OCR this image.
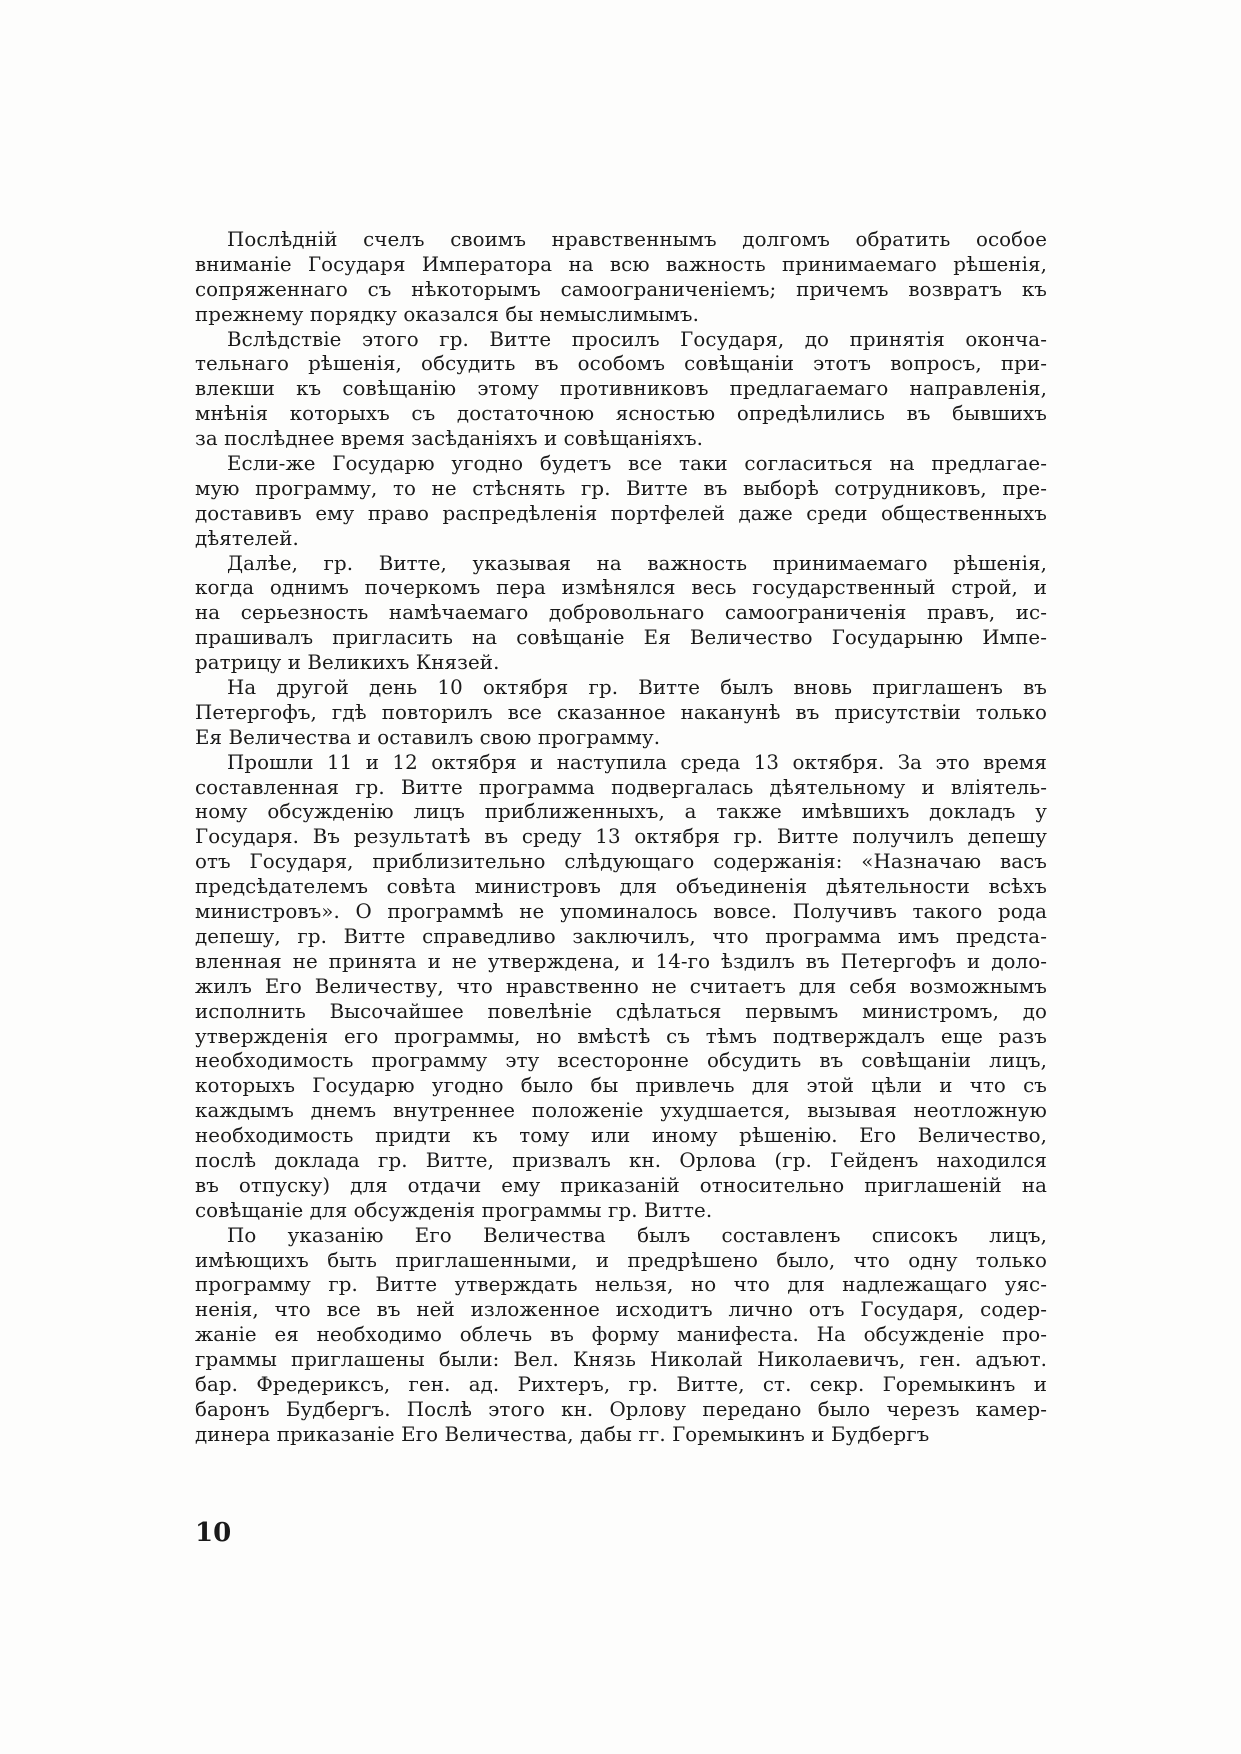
Послѣднiй счелъ своимъ нравственнымъ долгомъ обратить особое
вниманiе Государя Императора на всю важность принимаемаго рѣшенiя,
сопряженнаго съ нѣкоторымъ самоограниченiемъ; причемъ возвратъ къ
прежнему порядку оказался бы немыслимымъ.
Вслѣдствiе этого гр. Витте просилъ Государя, до принятiя оконча-
тельнаго рѣшенiя, обсудить въ особомъ совѣщанiи этотъ вопросъ, при-
влекши къ совѣщанiю этому противниковъ предлагаемаго направленiя,
мнѣнiя которыхъ съ достаточною ясностью опредѣлились въ бывшихъ
за послѣднее время засѣданiяхъ и совѣщанiяхъ.
Если-же Государю угодно будетъ все таки согласиться на предлагае-
мую программу, то не стѣснять гр. Витте въ выборѣ сотрудниковъ, пре-
доставивъ ему право распредѣленiя портфелей даже среди общественныхъ
дѣятелей.
Далѣе, гр. Витте, указывая на важность принимаемаго рѣшенiя,
когда однимъ почеркомъ пера измѣнялся весь государственный строй, и
на серьезность намѣчаемаго добровольнаго самоограниченiя правъ, ис-
прашивалъ пригласить на совѣщанiе Ея Величество Государыню Импе-
ратрицу и Великихъ Князей.
На другой день 10 октября гр. Витте былъ вновь приглашенъ въ
Петергофъ, гдѣ повторилъ все сказанное наканунѣ въ присутствiи только
Ея Величества и оставилъ свою программу.
Прошли 11 и 12 октября и наступила среда 13 октября. За это время
составленная гр. Витте программа подвергалась дѣятельному и влiятель-
ному обсужденiю лицъ приближенныхъ, а также имѣвшихъ докладъ у
Государя. Въ результатѣ въ среду 13 октября гр. Витте получилъ депешу
отъ Государя, приблизительно слѣдующаго содержанiя: «Назначаю васъ
предсѣдателемъ совѣта министровъ для объединенiя дѣятельности всѣхъ
министровъ». О программѣ не упоминалось вовсе. Получивъ такого рода
депешу, гр. Витте справедливо заключилъ, что программа имъ предста-
вленная не принята и не утверждена, и 14-го ѣздилъ въ Петергофъ и доло-
жилъ Его Величеству, что нравственно не считаетъ для себя возможнымъ
исполнить Высочайшее повелѣнiе сдѣлаться первымъ министромъ, до
утвержденiя его программы, но вмѣстѣ съ тѣмъ подтверждалъ еще разъ
необходимость программу эту всесторонне обсудить въ совѣщанiи лицъ,
которыхъ Государю угодно было бы привлечь для этой цѣли и что съ
каждымъ днемъ внутреннее положенiе ухудшается, вызывая неотложную
необходимость придти къ тому или иному рѣшенiю. Его Величество,
послѣ доклада гр. Витте, призвалъ кн. Орлова (гр. Гейденъ находился
въ отпуску) для отдачи ему приказанiй относительно приглашенiй на
совѣщанiе для обсужденiя программы гр. Витте.
По указанiю Его Величества былъ составленъ списокъ лицъ,
имѣющихъ быть приглашенными, и предрѣшено было, что одну только
программу гр. Витте утверждать нельзя, но что для надлежащаго уяс-
ненiя, что все въ ней изложенное исходитъ лично отъ Государя, содер-
жанiе ея необходимо облечь въ форму манифеста. На обсужденiе про-
граммы приглашены были: Вел. Князь Николай Николаевичъ, ген. адъют.
бар. Фредериксъ, ген. ад. Рихтеръ, гр. Витте, ст. секр. Горемыкинъ и
баронъ Будбергъ. Послѣ этого кн. Орлову передано было черезъ камер-
динера приказанiе Его Величества, дабы гг. Горемыкинъ и Будбергъ
10
